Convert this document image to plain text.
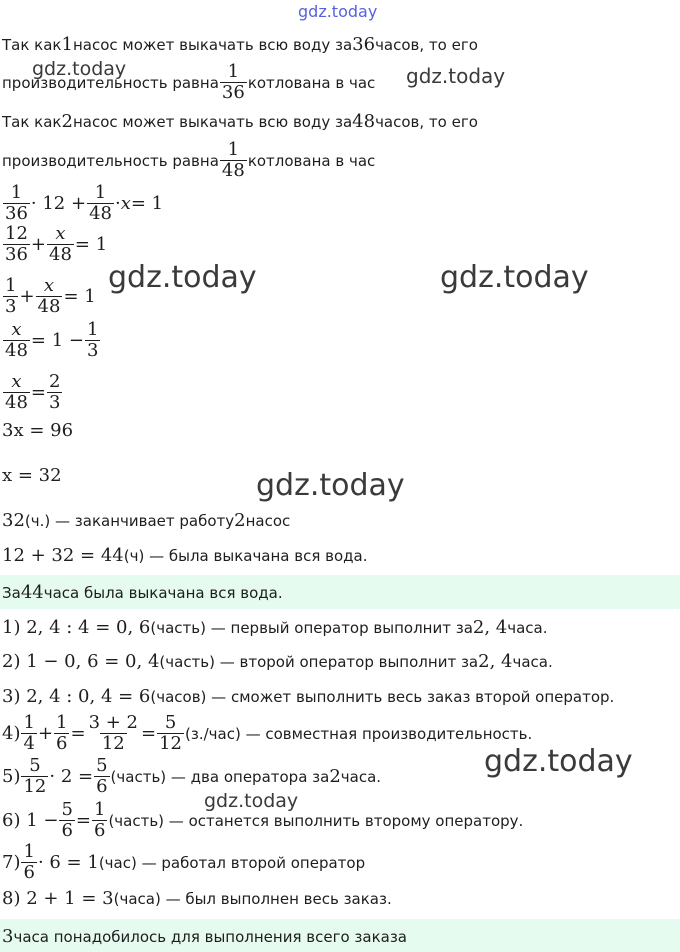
gdz.today
gdz.today	gdz.today
gdz.today	gdz.today
gdz.today
gdz.today
gdz.today
Так как 1 насос может выкачать всю воду за 36 часов, то его
производительность равна $\frac{1}{36}$ котлована в час
Так как 2 насос может выкачать всю воду за 48 часов, то его
производительность равна $\frac{1}{48}$ котлована в час
$\frac{1}{36} \cdot 12 + \frac{1}{48} \cdot x = 1$
$\frac{12}{36} + \frac{x}{48} = 1$
$\frac{1}{3} + \frac{x}{48} = 1$
$\frac{x}{48} = 1 - \frac{1}{3}$
$\frac{x}{48} = \frac{2}{3}$
3x = 96
x = 32
32 (ч.) — заканчивает работу 2 насос
12 + 32 = 44 (ч) — была выкачана вся вода.
За 44 часа была выкачана вся вода.
1) 2, 4 : 4 = 0, 6 (часть) — первый оператор выполнит за 2, 4 часа.
2) 1 − 0, 6 = 0, 4 (часть) — второй оператор выполнит за 2, 4 часа.
3) 2, 4 : 0, 4 = 6 (часов) — сможет выполнить весь заказ второй оператор.
$4) \frac{1}{4} + \frac{1}{6} = \frac{3 + 2}{12} = \frac{5}{12} (з./час)$ — совместная производительность.
$5) \frac{5}{12} \cdot 2 = \frac{5}{6}$ (часть) — два оператора за 2 часа.
6) $1 - \frac{5}{6} = \frac{1}{6}$ (часть) — останется выполнить второму оператору.
$7) \frac{1}{6} \cdot 6 = 1$ (час) — работал второй оператор
8) 2 + 1 = 3 (часа) — был выполнен весь заказ.
3 часа понадобилось для выполнения всего заказа
